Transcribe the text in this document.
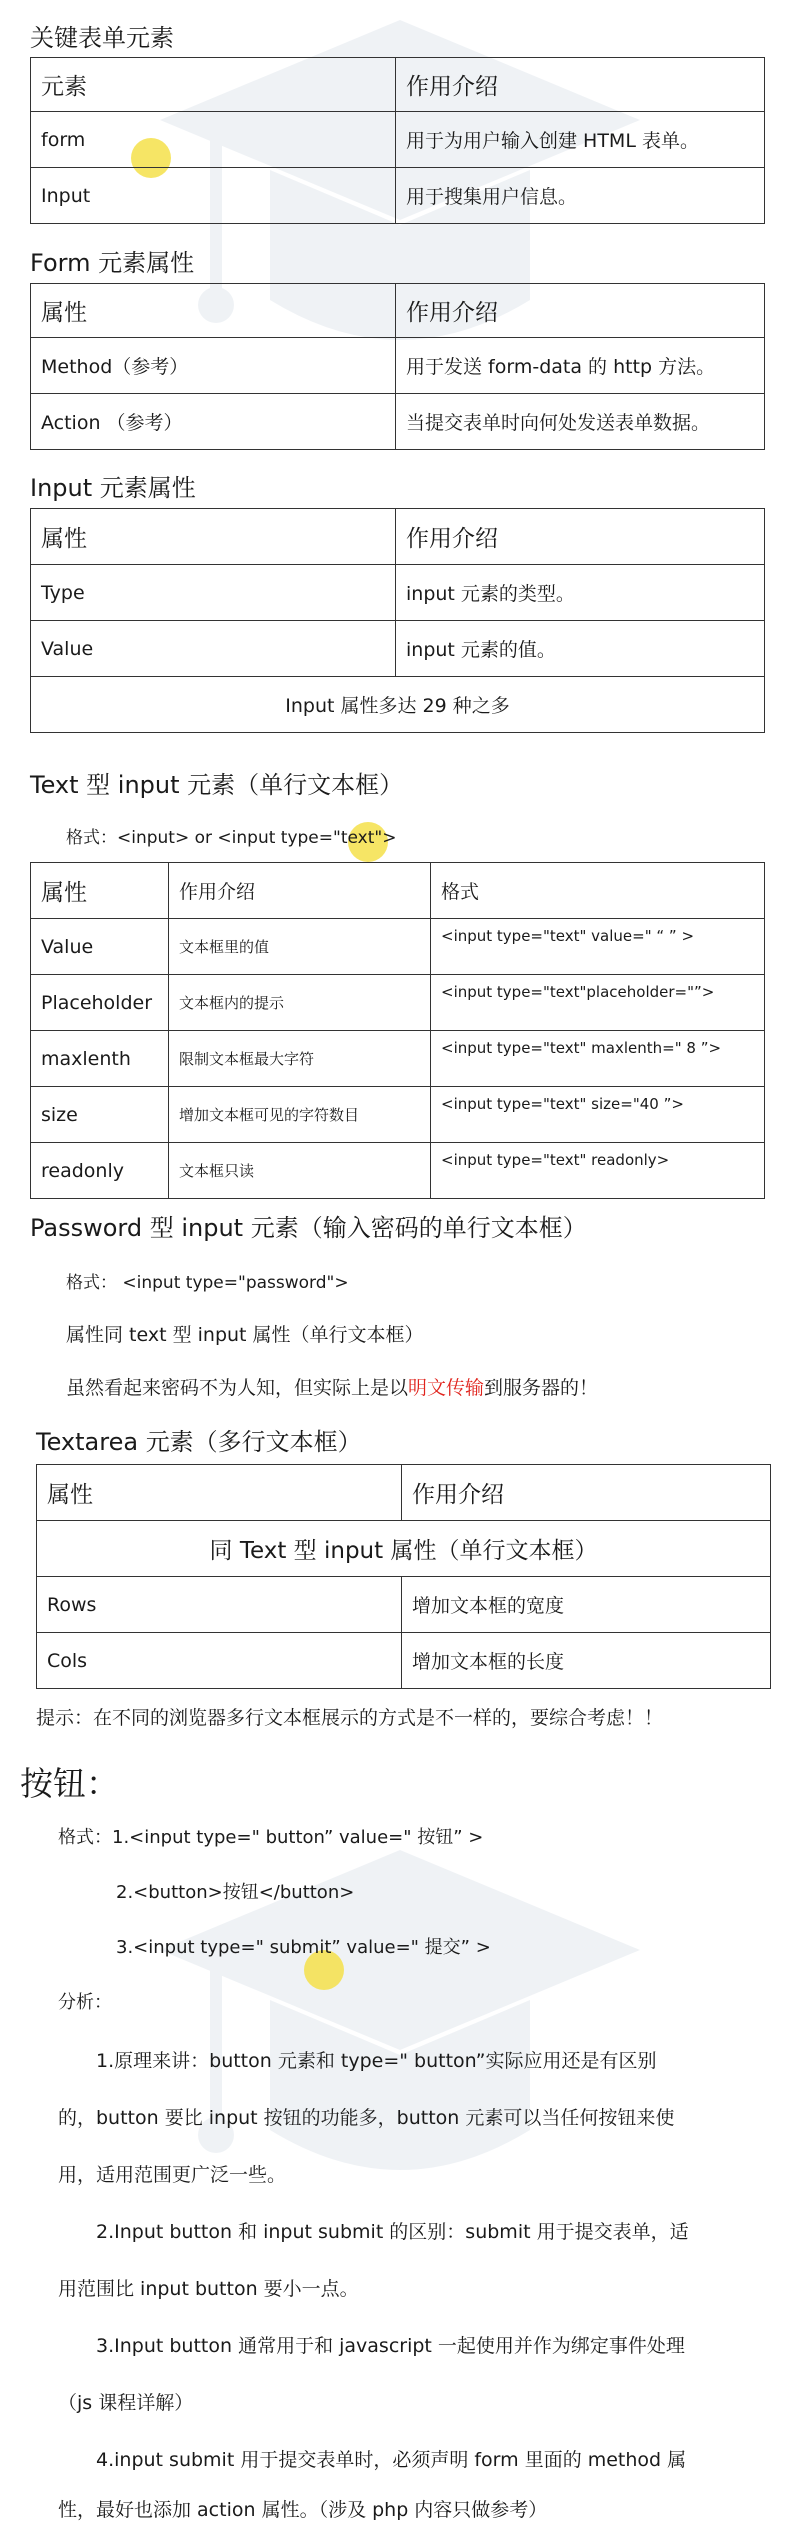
关键表单元素
元素	作用介绍
form	用于为用户输入创建 HTML 表单。
Input	用于搜集用户信息。
Form 元素属性
属性	作用介绍
Method（参考）	用于发送 form-data 的 http 方法。
Action （参考）	当提交表单时向何处发送表单数据。
Input 元素属性
属性	作用介绍
Type	input 元素的类型。
Value	input 元素的值。
Input 属性多达 29 种之多	
Text 型 input 元素（单行文本框）
格式：<input> or <input type="text">
属性	作用介绍	格式
Value	文本框里的值	<input type="text" value=" “ ” >
Placeholder	文本框内的提示	<input type="text"placeholder="”>
maxlenth	限制文本框最大字符	<input type="text" maxlenth=" 8 ”>
size	增加文本框可见的字符数目	<input type="text" size="40 ”>
readonly	文本框只读	<input type="text" readonly>
Password 型 input 元素（输入密码的单行文本框）
格式： <input type="password">
属性同 text 型 input 属性（单行文本框）
虽然看起来密码不为人知，但实际上是以明文传输到服务器的！
Textarea 元素（多行文本框）
属性	作用介绍
同 Text 型 input 属性（单行文本框）	
Rows	增加文本框的宽度
Cols	增加文本框的长度
提示：在不同的浏览器多行文本框展示的方式是不一样的，要综合考虑！！
按钮：
格式：1.<input type=" button” value=" 按钮” >
2.<button>按钮</button>
3.<input type=" submit” value=" 提交” >
分析：
1.原理来讲：button 元素和 type=" button”实际应用还是有区别
的，button 要比 input 按钮的功能多，button 元素可以当任何按钮来使
用，适用范围更广泛一些。
2.Input button 和 input submit 的区别：submit 用于提交表单，适
用范围比 input button 要小一点。
3.Input button 通常用于和 javascript 一起使用并作为绑定事件处理
（js 课程详解）
4.input submit 用于提交表单时，必须声明 form 里面的 method 属
性，最好也添加 action 属性。（涉及 php 内容只做参考）
